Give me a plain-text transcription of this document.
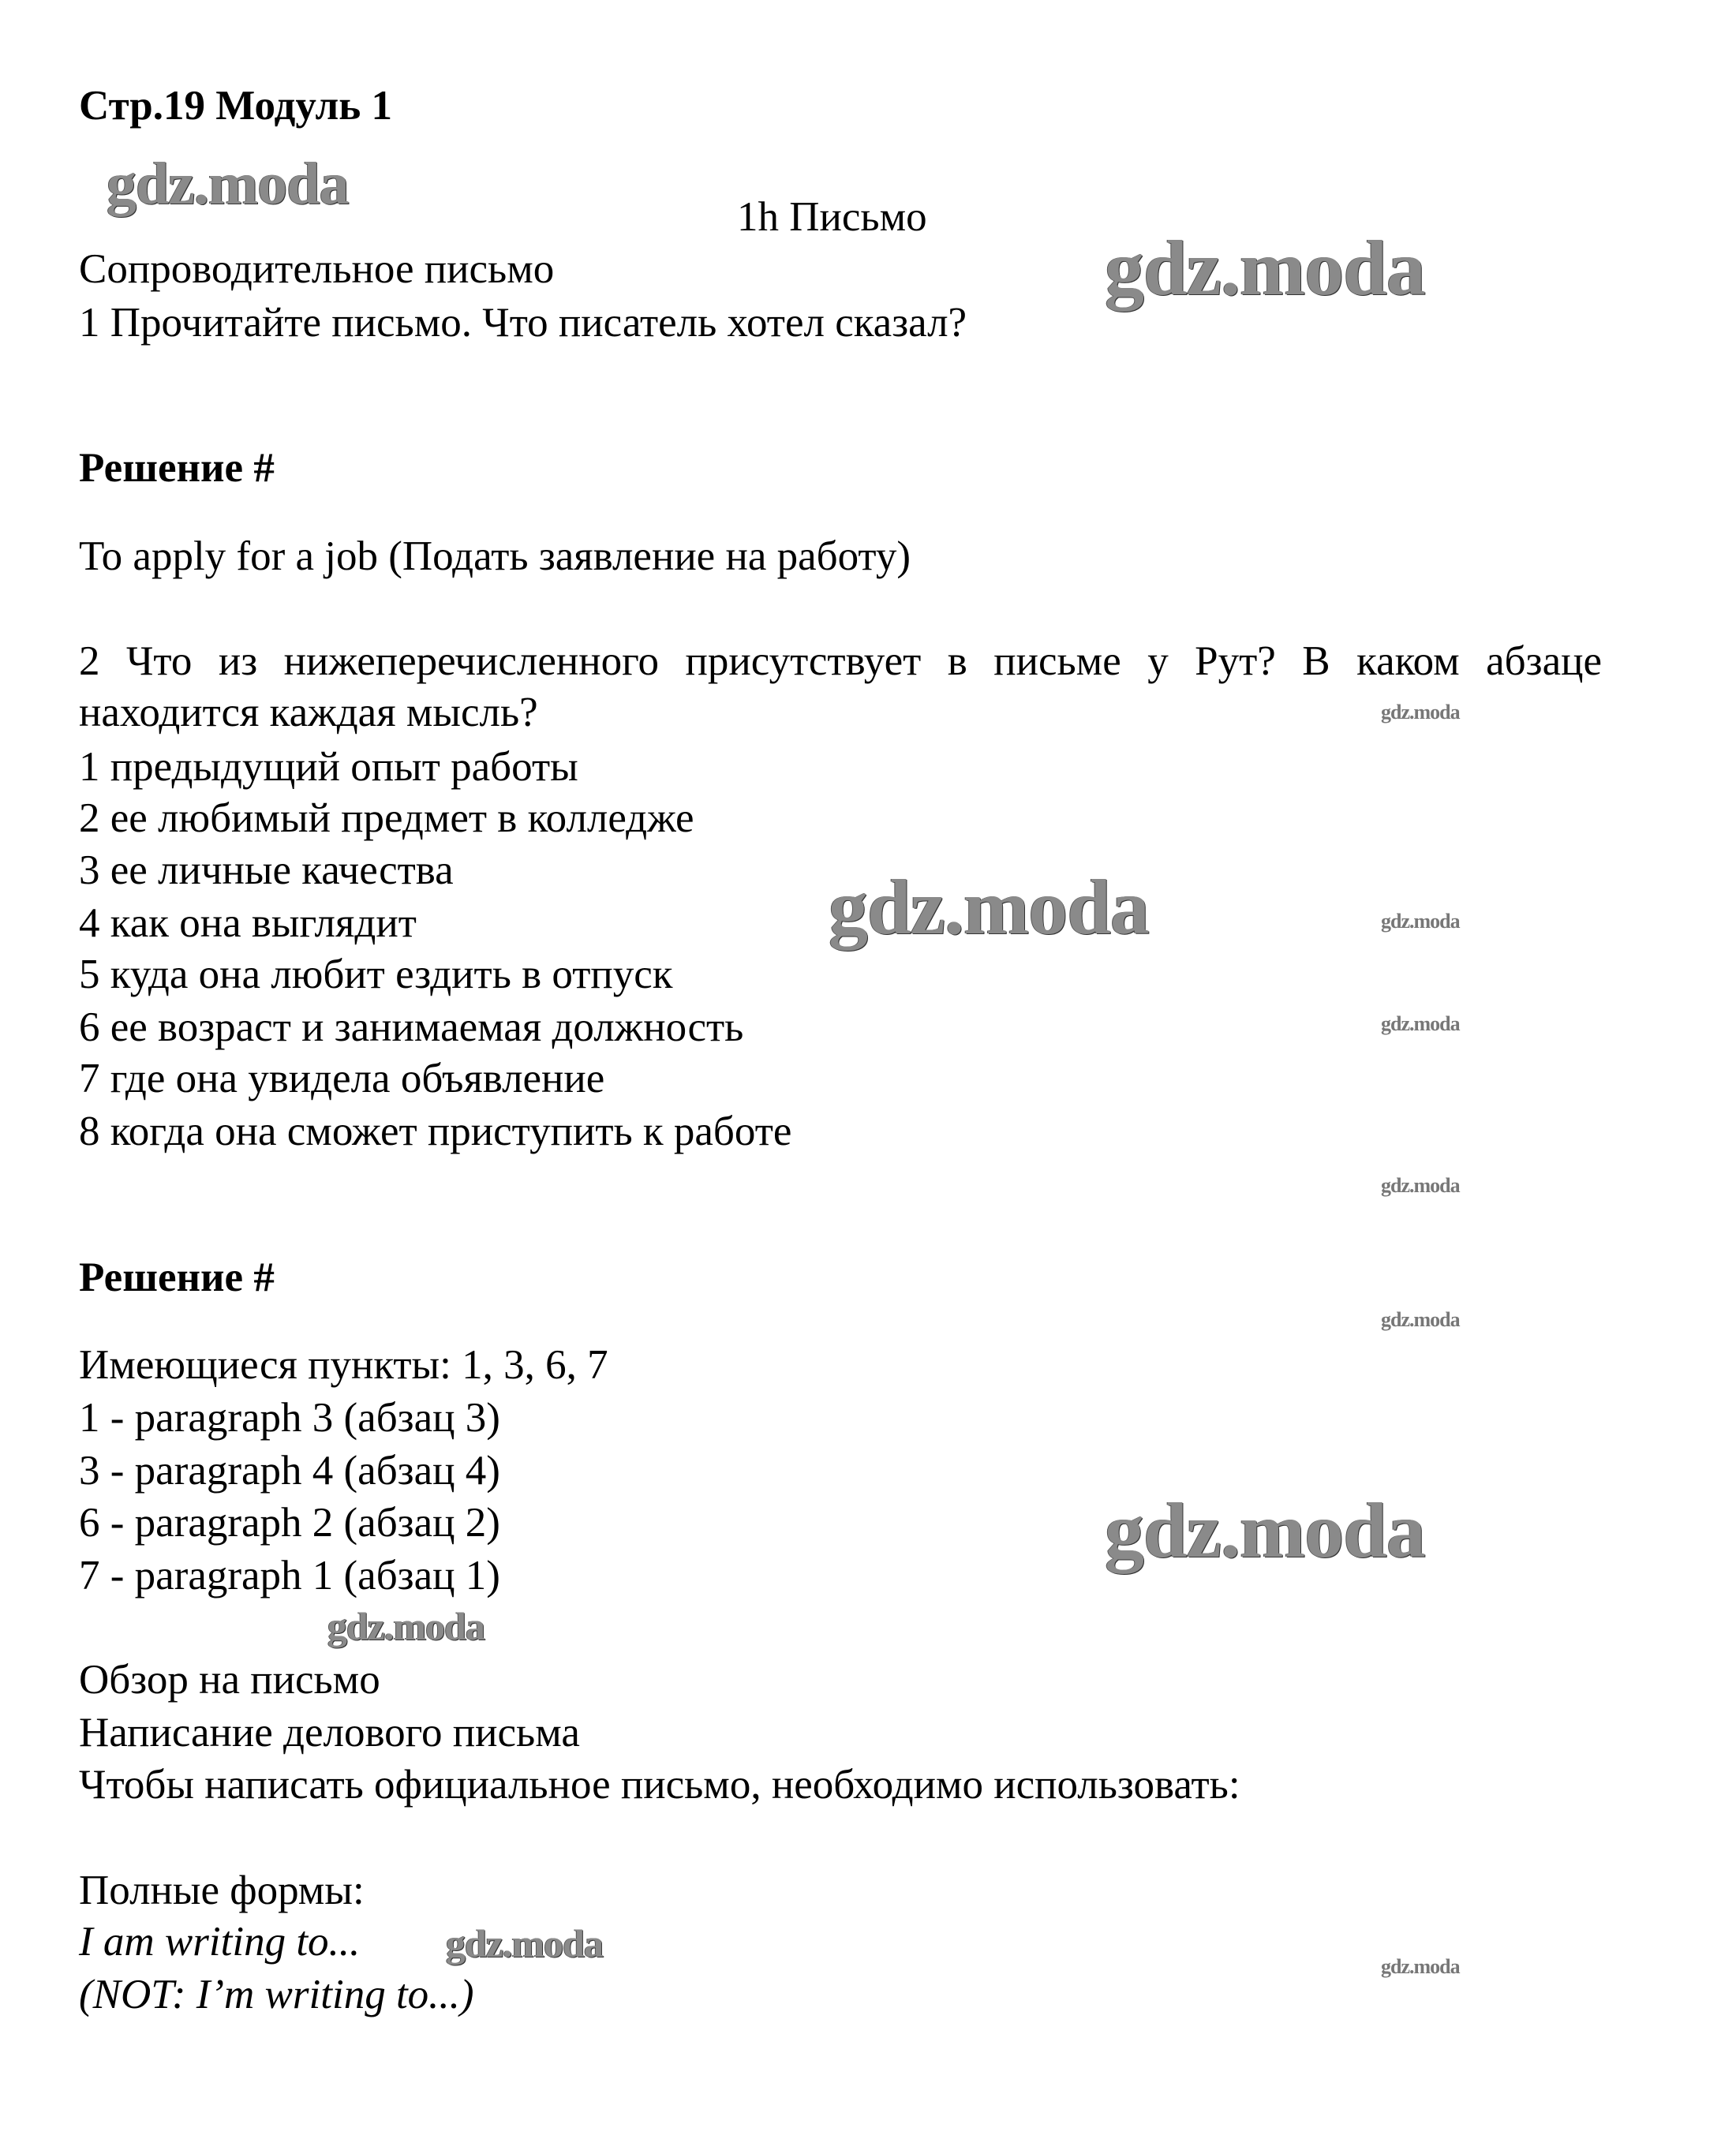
Стр.19 Модуль 1
1h Письмо
Сопроводительное письмо
1 Прочитайте письмо. Что писатель хотел сказал?
Решение #
To apply for a job (Подать заявление на работу)
2 Что из нижеперечисленного присутствует в письме у Рут? В каком абзаце
находится каждая мысль?
1 предыдущий опыт работы
2 ее любимый предмет в колледже
3 ее личные качества
4 как она выглядит
5 куда она любит ездить в отпуск
6 ее возраст и занимаемая должность
7 где она увидела объявление
8 когда она сможет приступить к работе
Решение #
Имеющиеся пункты: 1, 3, 6, 7
1 - paragraph 3 (абзац 3)
3 - paragraph 4 (абзац 4)
6 - paragraph 2 (абзац 2)
7 - paragraph 1 (абзац 1)
Обзор на письмо
Написание делового письма
Чтобы написать официальное письмо, необходимо использовать:
Полные формы:
I am writing to...
(NOT: I’m writing to...)
gdz.moda
gdz.moda
gdz.moda
gdz.moda
gdz.moda
gdz.moda
gdz.moda
gdz.moda
gdz.moda
gdz.moda
gdz.moda
gdz.moda
